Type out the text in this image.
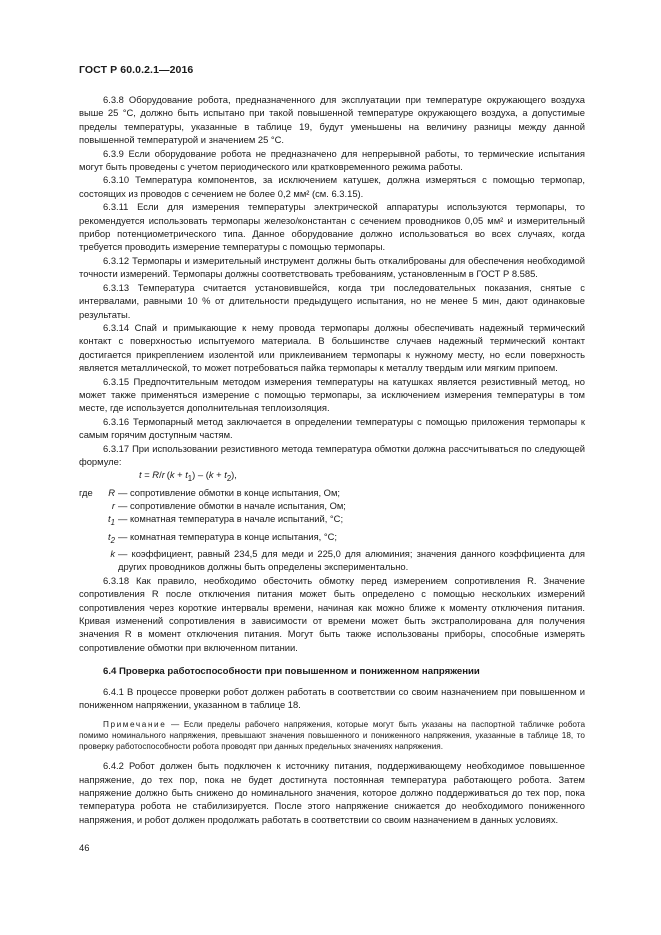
ГОСТ Р 60.0.2.1—2016

6.3.8 Оборудование робота, предназначенного для эксплуатации при температуре окружающего воздуха выше 25 °С, должно быть испытано при такой повышенной температуре окружающего воздуха, а допустимые пределы температуры, указанные в таблице 19, будут уменьшены на величину разницы между данной повышенной температурой и значением 25 °С.

6.3.9 Если оборудование робота не предназначено для непрерывной работы, то термические испытания могут быть проведены с учетом периодического или кратковременного режима работы.

6.3.10 Температура компонентов, за исключением катушек, должна измеряться с помощью термопар, состоящих из проводов с сечением не более 0,2 мм² (см. 6.3.15).

6.3.11 Если для измерения температуры электрической аппаратуры используются термопары, то рекомендуется использовать термопары железо/константан с сечением проводников 0,05 мм² и измерительный прибор потенциометрического типа. Данное оборудование должно использоваться во всех случаях, когда требуется проводить измерение температуры с помощью термопары.

6.3.12 Термопары и измерительный инструмент должны быть откалиброваны для обеспечения необходимой точности измерений. Термопары должны соответствовать требованиям, установленным в ГОСТ Р 8.585.

6.3.13 Температура считается установившейся, когда три последовательных показания, снятые с интервалами, равными 10 % от длительности предыдущего испытания, но не менее 5 мин, дают одинаковые результаты.

6.3.14 Спай и примыкающие к нему провода термопары должны обеспечивать надежный термический контакт с поверхностью испытуемого материала. В большинстве случаев надежный термический контакт достигается прикреплением изолентой или приклеиванием термопары к нужному месту, но если поверхность является металлической, то может потребоваться пайка термопары к металлу твердым или мягким припоем.

6.3.15 Предпочтительным методом измерения температуры на катушках является резистивный метод, но может также применяться измерение с помощью термопары, за исключением измерения температуры в том месте, где используется дополнительная теплоизоляция.

6.3.16 Термопарный метод заключается в определении температуры с помощью приложения термопары к самым горячим доступным частям.

6.3.17 При использовании резистивного метода температура обмотки должна рассчитываться по следующей формуле:

t = R/r $(k + t_1) - (k + t_2)$,

где	R — сопротивление обмотки в конце испытания, Ом;
r — сопротивление обмотки в начале испытания, Ом;
$t_1$ — комнатная температура в начале испытаний, °С;
$t_2$ — комнатная температура в конце испытания, °С;
k — коэффициент, равный 234,5 для меди и 225,0 для алюминия; значения данного коэффициента для других проводников должны быть определены экспериментально.

6.3.18 Как правило, необходимо обесточить обмотку перед измерением сопротивления R. Значение сопротивления R после отключения питания может быть определено с помощью нескольких измерений сопротивления через короткие интервалы времени, начиная как можно ближе к моменту отключения питания. Кривая изменений сопротивления в зависимости от времени может быть экстраполирована для получения значения R в момент отключения питания. Могут быть также использованы приборы, способные измерять сопротивление обмотки при включенном питании.

6.4 Проверка работоспособности при повышенном и пониженном напряжении

6.4.1 В процессе проверки робот должен работать в соответствии со своим назначением при повышенном и пониженном напряжении, указанном в таблице 18.

Примечание — Если пределы рабочего напряжения, которые могут быть указаны на паспортной табличке робота помимо номинального напряжения, превышают значения повышенного и пониженного напряжения, указанные в таблице 18, то проверку работоспособности робота проводят при данных предельных значениях напряжения.

6.4.2 Робот должен быть подключен к источнику питания, поддерживающему необходимое повышенное напряжение, до тех пор, пока не будет достигнута постоянная температура работающего робота. Затем напряжение должно быть снижено до номинального значения, которое должно поддерживаться до тех пор, пока температура робота не стабилизируется. После этого напряжение снижается до необходимого пониженного напряжения, и робот должен продолжать работать в соответствии со своим назначением в данных условиях.

46
